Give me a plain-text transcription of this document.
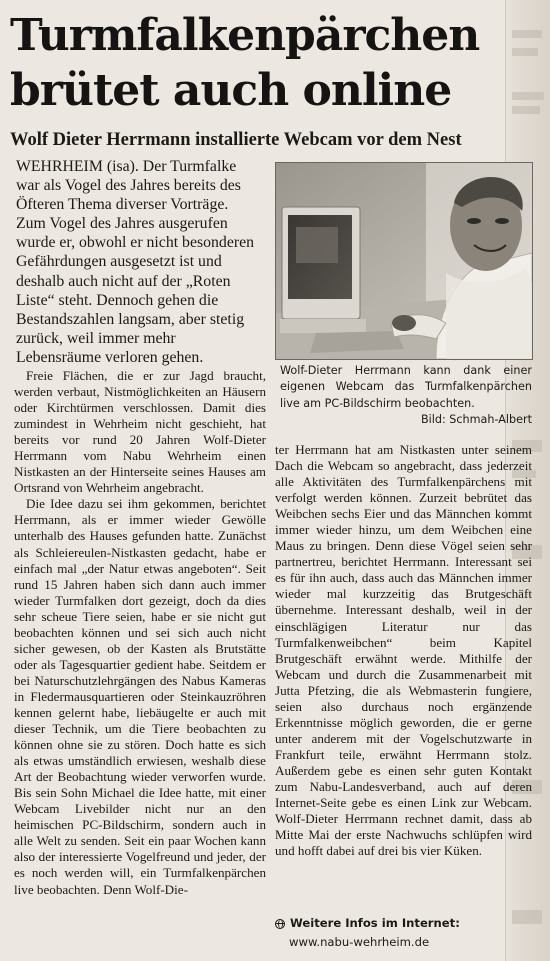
Turmfalkenpärchen brütet auch online
Wolf Dieter Herrmann installierte Webcam vor dem Nest

WEHRHEIM (isa). Der Turmfalke war als Vogel des Jahres bereits des Öfteren Thema diverser Vorträge. Zum Vogel des Jahres ausgerufen wurde er, obwohl er nicht besonderen Gefährdungen ausgesetzt ist und deshalb auch nicht auf der „Roten Liste“ steht. Dennoch gehen die Bestandszahlen langsam, aber stetig zurück, weil immer mehr Lebensräume verloren gehen.

Wolf-Dieter Herrmann kann dank einer eigenen Webcam das Turmfalkenpärchen live am PC-Bildschirm beobachten.

Bild: Schmah-Albert

Freie Flächen, die er zur Jagd braucht, werden verbaut, Nistmöglichkeiten an Häusern oder Kirchtürmen verschlossen. Damit dies zumindest in Wehrheim nicht geschieht, hat bereits vor rund 20 Jahren Wolf-Dieter Herrmann vom Nabu Wehrheim einen Nistkasten an der Hinterseite seines Hauses am Ortsrand von Wehrheim angebracht.

Die Idee dazu sei ihm gekommen, berichtet Herrmann, als er immer wieder Gewölle unterhalb des Hauses gefunden hatte. Zunächst als Schleiereulen-Nistkasten gedacht, habe er einfach mal „der Natur etwas angeboten“. Seit rund 15 Jahren haben sich dann auch immer wieder Turmfalken dort gezeigt, doch da dies sehr scheue Tiere seien, habe er sie nicht gut beobachten können und sei sich auch nicht sicher gewesen, ob der Kasten als Brutstätte oder als Tagesquartier gedient habe. Seitdem er bei Naturschutzlehrgängen des Nabus Kameras in Fledermausquartieren oder Steinkauzröhren kennen gelernt habe, liebäugelte er auch mit dieser Technik, um die Tiere beobachten zu können ohne sie zu stören. Doch hatte es sich als etwas umständlich erwiesen, weshalb diese Art der Beobachtung wieder verworfen wurde. Bis sein Sohn Michael die Idee hatte, mit einer Webcam Livebilder nicht nur an den heimischen PC-Bildschirm, sondern auch in alle Welt zu senden. Seit ein paar Wochen kann also der interessierte Vogelfreund und jeder, der es noch werden will, ein Turmfalkenpärchen live beobachten. Denn Wolf-Die-

ter Herrmann hat am Nistkasten unter seinem Dach die Webcam so angebracht, dass jederzeit alle Aktivitäten des Turmfalkenpärchens mit verfolgt werden können. Zurzeit bebrütet das Weibchen sechs Eier und das Männchen kommt immer wieder hinzu, um dem Weibchen eine Maus zu bringen. Denn diese Vögel seien sehr partnertreu, berichtet Herrmann. Interessant sei es für ihn auch, dass auch das Männchen immer wieder mal kurzzeitig das Brutgeschäft übernehme. Interessant deshalb, weil in der einschlägigen Literatur nur das Turmfalkenweibchen“ beim Kapitel Brutgeschäft erwähnt werde. Mithilfe der Webcam und durch die Zusammenarbeit mit Jutta Pfetzing, die als Webmasterin fungiere, seien also durchaus noch ergänzende Erkenntnisse möglich geworden, die er gerne unter anderem mit der Vogelschutzwarte in Frankfurt teile, erwähnt Herrmann stolz. Außerdem gebe es einen sehr guten Kontakt zum Nabu-Landesverband, auch auf deren Internet-Seite gebe es einen Link zur Webcam. Wolf-Dieter Herrmann rechnet damit, dass ab Mitte Mai der erste Nachwuchs schlüpfen wird und hofft dabei auf drei bis vier Küken.

Weitere Infos im Internet:
www.nabu-wehrheim.de
